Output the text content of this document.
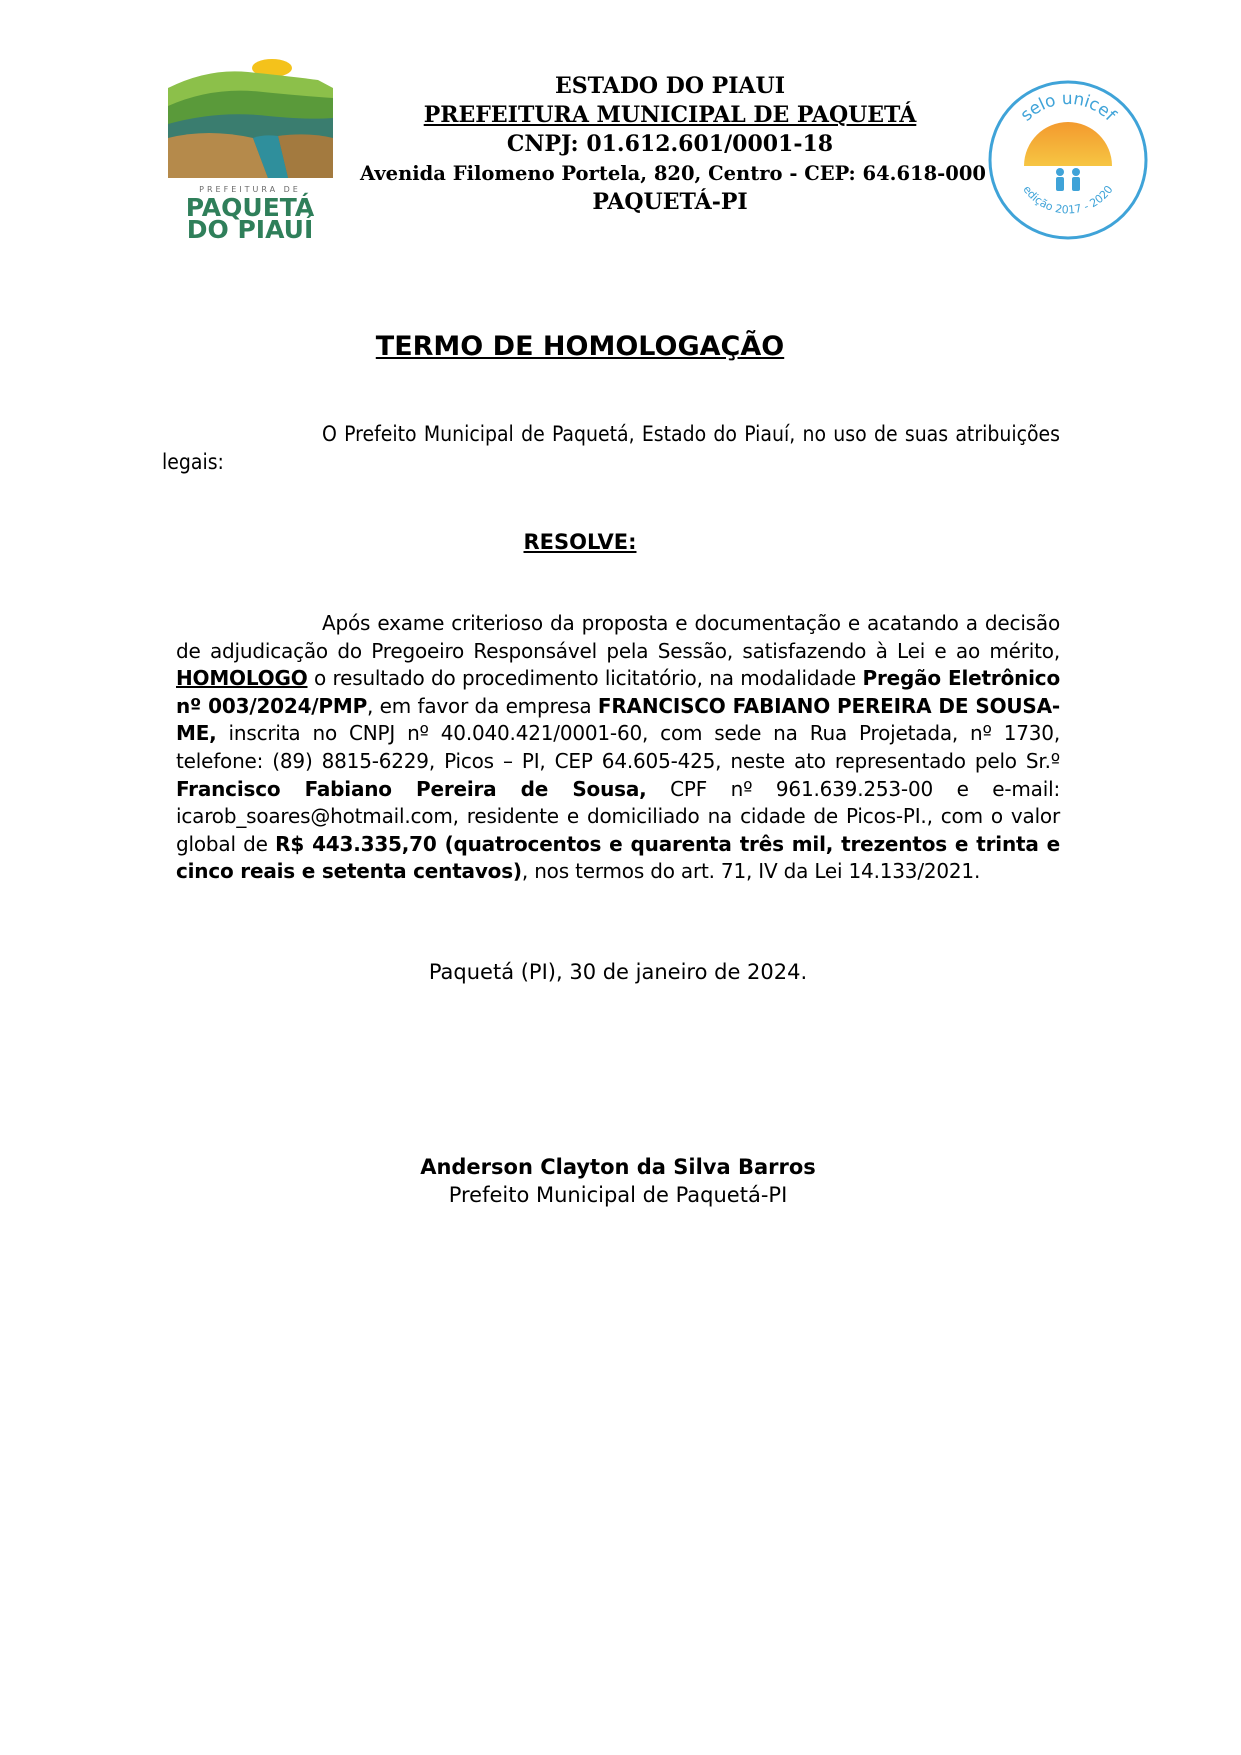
PREFEITURA DE
PAQUETÁ
DO PIAUÍ
ESTADO DO PIAUI
PREFEITURA MUNICIPAL DE PAQUETÁ
CNPJ: 01.612.601/0001-18
Avenida Filomeno Portela, 820, Centro - CEP: 64.618-000
PAQUETÁ-PI
selo unicef
edição 2017 - 2020
TERMO DE HOMOLOGAÇÃO

O Prefeito Municipal de Paquetá, Estado do Piauí, no uso de suas atribuições legais:

RESOLVE:

Após exame criterioso da proposta e documentação e acatando a decisão de adjudicação do Pregoeiro Responsável pela Sessão, satisfazendo à Lei e ao mérito, HOMOLOGO o resultado do procedimento licitatório, na modalidade Pregão Eletrônico nº 003/2024/PMP, em favor da empresa FRANCISCO FABIANO PEREIRA DE SOUSA-ME, inscrita no CNPJ nº 40.040.421/0001-60, com sede na Rua Projetada, nº 1730, telefone: (89) 8815-6229, Picos – PI, CEP 64.605-425, neste ato representado pelo Sr.º Francisco Fabiano Pereira de Sousa, CPF nº 961.639.253-00 e e-mail: icarob_soares@hotmail.com, residente e domiciliado na cidade de Picos-PI., com o valor global de R$ 443.335,70 (quatrocentos e quarenta três mil, trezentos e trinta e cinco reais e setenta centavos), nos termos do art. 71, IV da Lei 14.133/2021.

Paquetá (PI), 30 de janeiro de 2024.
Anderson Clayton da Silva Barros
Prefeito Municipal de Paquetá-PI
